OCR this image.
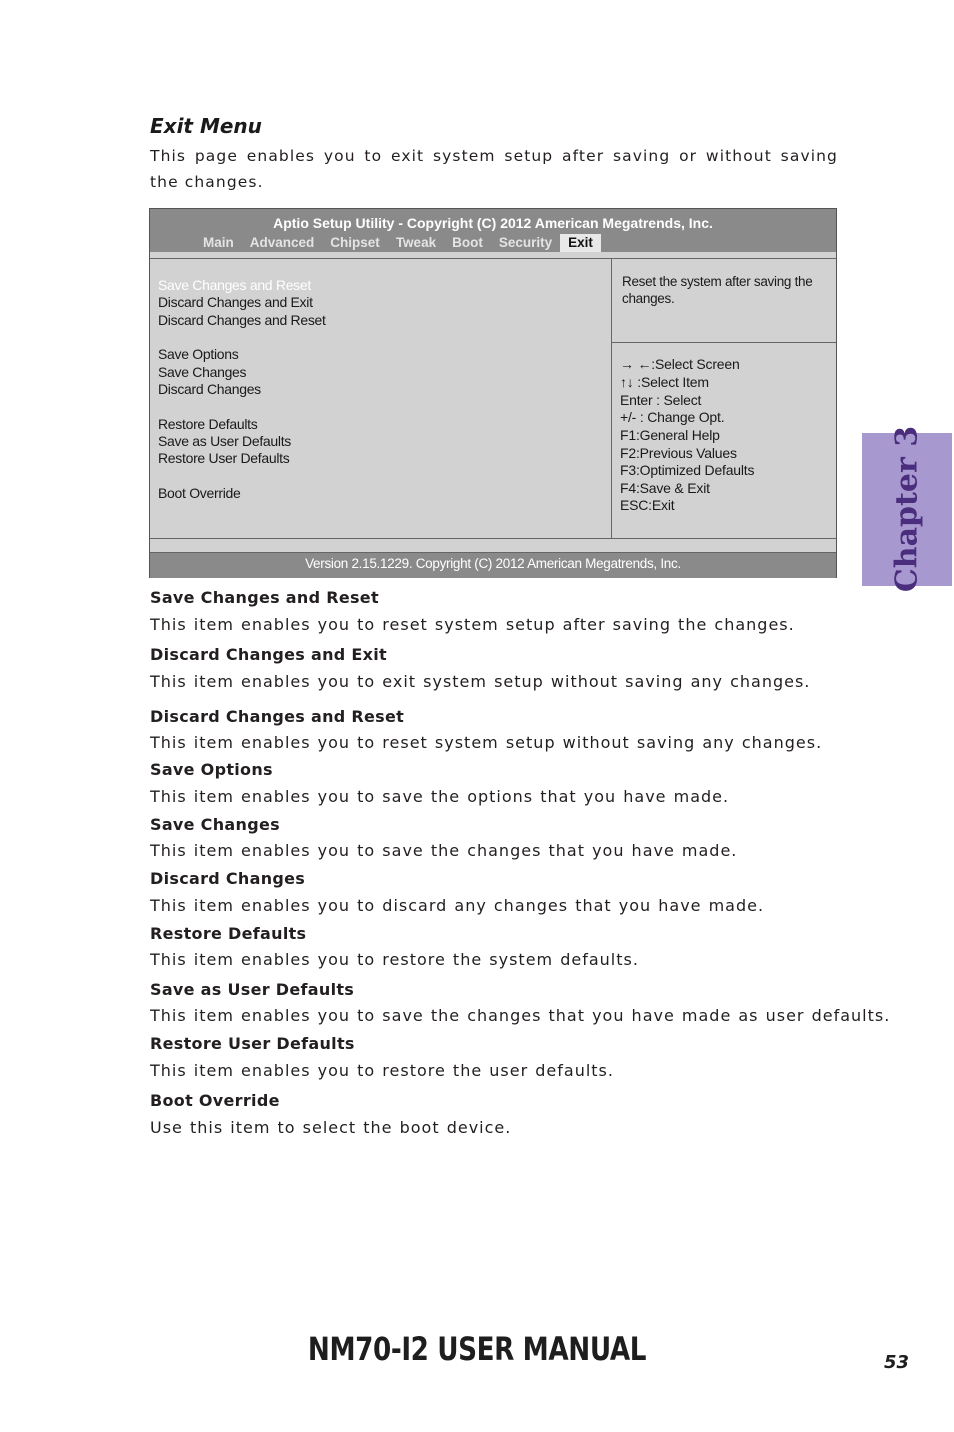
Exit Menu

This page enables you to exit system setup after saving or without saving the changes.

Aptio Setup Utility - Copyright (C) 2012 American Megatrends, Inc.
Main	Advanced	Chipset	Tweak	Boot	Security	Exit
Save Changes and Reset
Discard Changes and Exit
Discard Changes and Reset
Save Options
Save Changes
Discard Changes
Restore Defaults
Save as User Defaults
Restore User Defaults
Boot Override
Reset the system after saving the changes.
→ ←:Select Screen
↑↓ :Select Item
Enter : Select
+/- : Change Opt.
F1:General Help
F2:Previous Values
F3:Optimized Defaults
F4:Save & Exit
ESC:Exit
Version 2.15.1229. Copyright (C) 2012 American Megatrends, Inc.
Save Changes and Reset
This item enables you to reset system setup after saving the changes.
Discard Changes and Exit
This item enables you to exit system setup without saving any changes.
Discard Changes and Reset
This item enables you to reset system setup without saving any changes.
Save Options
This item enables you to save the options that you have made.
Save Changes
This item enables you to save the changes that you have made.
Discard Changes
This item enables you to discard any changes that you have made.
Restore Defaults
This item enables you to restore the system defaults.
Save as User Defaults
This item enables you to save the changes that you have made as user defaults.
Restore User Defaults
This item enables you to restore the user defaults.
Boot Override
Use this item to select the boot device.
Chapter 3
NM70-I2 USER MANUAL	53
